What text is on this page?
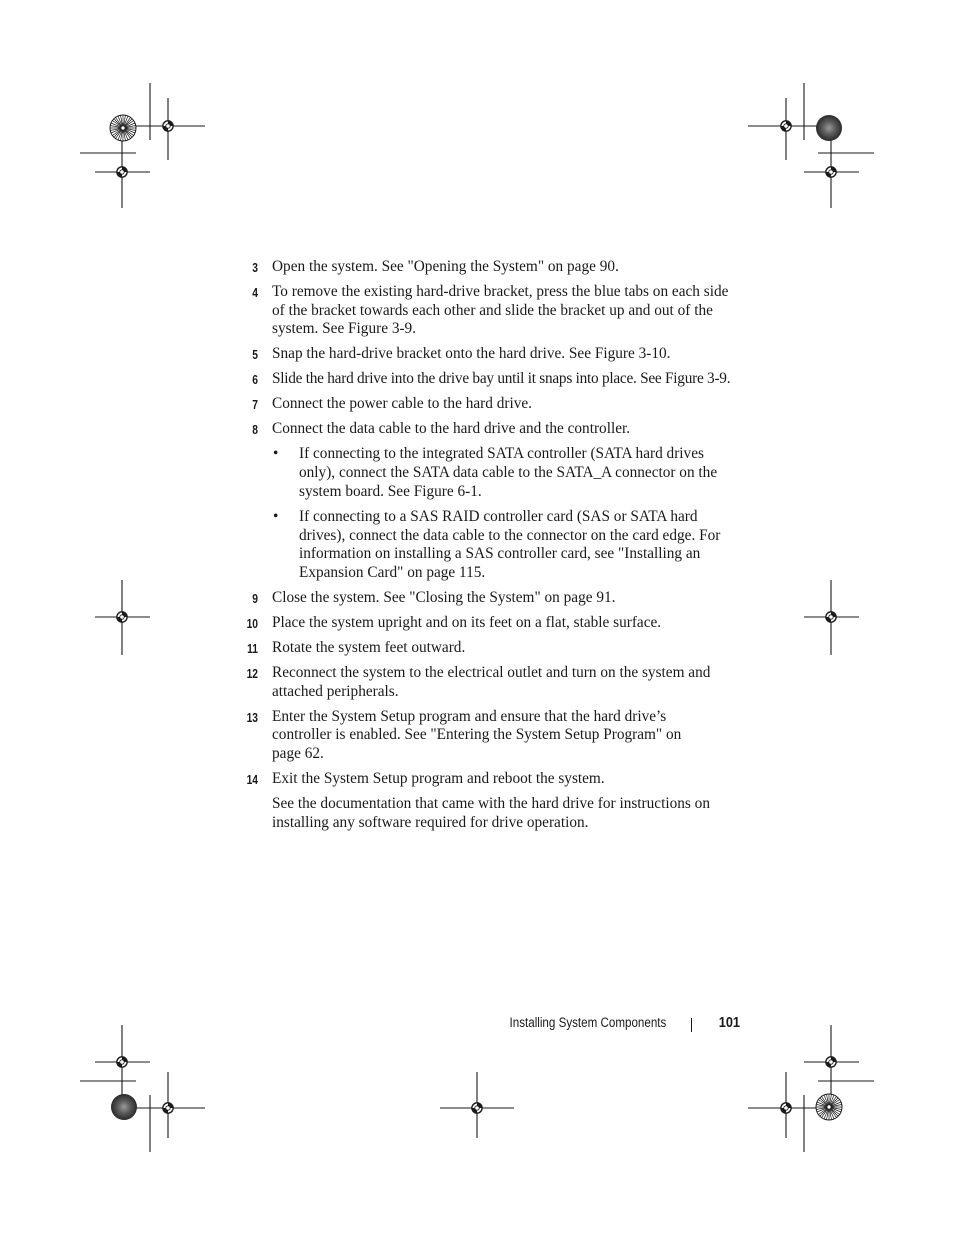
3 Open the system. See "Opening the System" on page 90.
4 To remove the existing hard-drive bracket, press the blue tabs on each side of the bracket towards each other and slide the bracket up and out of the system. See Figure 3-9.
5 Snap the hard-drive bracket onto the hard drive. See Figure 3-10.
6 Slide the hard drive into the drive bay until it snaps into place. See Figure 3-9.
7 Connect the power cable to the hard drive.
8 Connect the data cable to the hard drive and the controller.
• If connecting to the integrated SATA controller (SATA hard drives only), connect the SATA data cable to the SATA_A connector on the system board. See Figure 6-1.
• If connecting to a SAS RAID controller card (SAS or SATA hard drives), connect the data cable to the connector on the card edge. For information on installing a SAS controller card, see "Installing an Expansion Card" on page 115.
9 Close the system. See "Closing the System" on page 91.
10 Place the system upright and on its feet on a flat, stable surface.
11 Rotate the system feet outward.
12 Reconnect the system to the electrical outlet and turn on the system and attached peripherals.
13 Enter the System Setup program and ensure that the hard drive’s controller is enabled. See "Entering the System Setup Program" on page 62.
14 Exit the System Setup program and reboot the system.
See the documentation that came with the hard drive for instructions on installing any software required for drive operation.
Installing System Components	101
